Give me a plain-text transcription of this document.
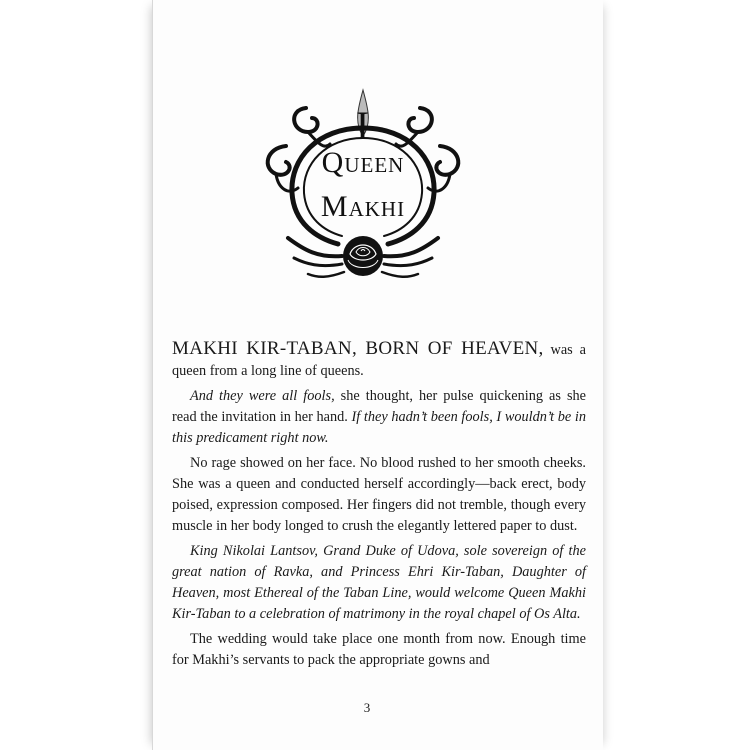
I
Queen
Makhi

MAKHI KIR-TABAN, BORN OF HEAVEN, was a queen from a long line of queens.

And they were all fools, she thought, her pulse quickening as she read the invitation in her hand. If they hadn’t been fools, I wouldn’t be in this predicament right now.

No rage showed on her face. No blood rushed to her smooth cheeks. She was a queen and conducted herself accordingly—back erect, body poised, expression composed. Her fingers did not tremble, though every muscle in her body longed to crush the elegantly lettered paper to dust.

King Nikolai Lantsov, Grand Duke of Udova, sole sovereign of the great nation of Ravka, and Princess Ehri Kir-Taban, Daughter of Heaven, most Ethereal of the Taban Line, would welcome Queen Makhi Kir-Taban to a celebration of matrimony in the royal chapel of Os Alta.

The wedding would take place one month from now. Enough time for Makhi’s servants to pack the appropriate gowns and

3
